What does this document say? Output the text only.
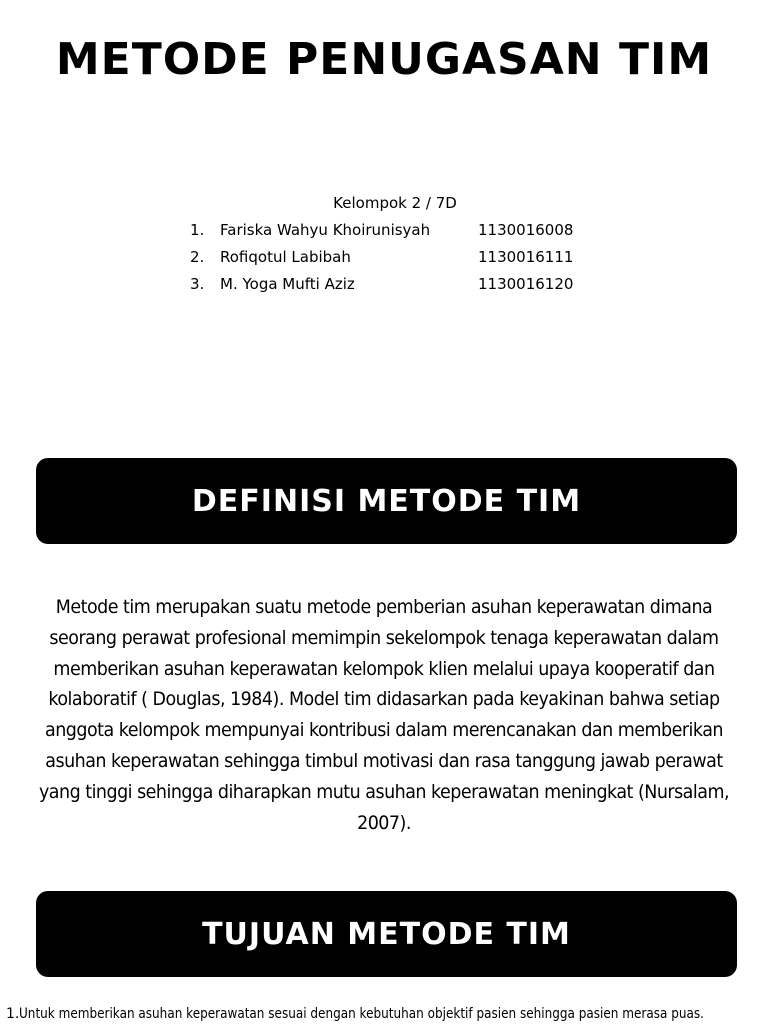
METODE PENUGASAN TIM
Kelompok 2 / 7D
1.	Fariska Wahyu Khoirunisyah	1130016008
2.	Rofiqotul Labibah	1130016111
3.	M. Yoga Mufti Aziz	1130016120
DEFINISI METODE TIM
Metode tim merupakan suatu metode pemberian asuhan keperawatan dimana seorang perawat profesional memimpin sekelompok tenaga keperawatan dalam memberikan asuhan keperawatan kelompok klien melalui upaya kooperatif dan kolaboratif ( Douglas, 1984). Model tim didasarkan pada keyakinan bahwa setiap anggota kelompok mempunyai kontribusi dalam merencanakan dan memberikan asuhan keperawatan sehingga timbul motivasi dan rasa tanggung jawab perawat yang tinggi sehingga diharapkan mutu asuhan keperawatan meningkat (Nursalam, 2007).
TUJUAN METODE TIM
1. Untuk memberikan asuhan keperawatan sesuai dengan kebutuhan objektif pasien sehingga pasien merasa puas.
